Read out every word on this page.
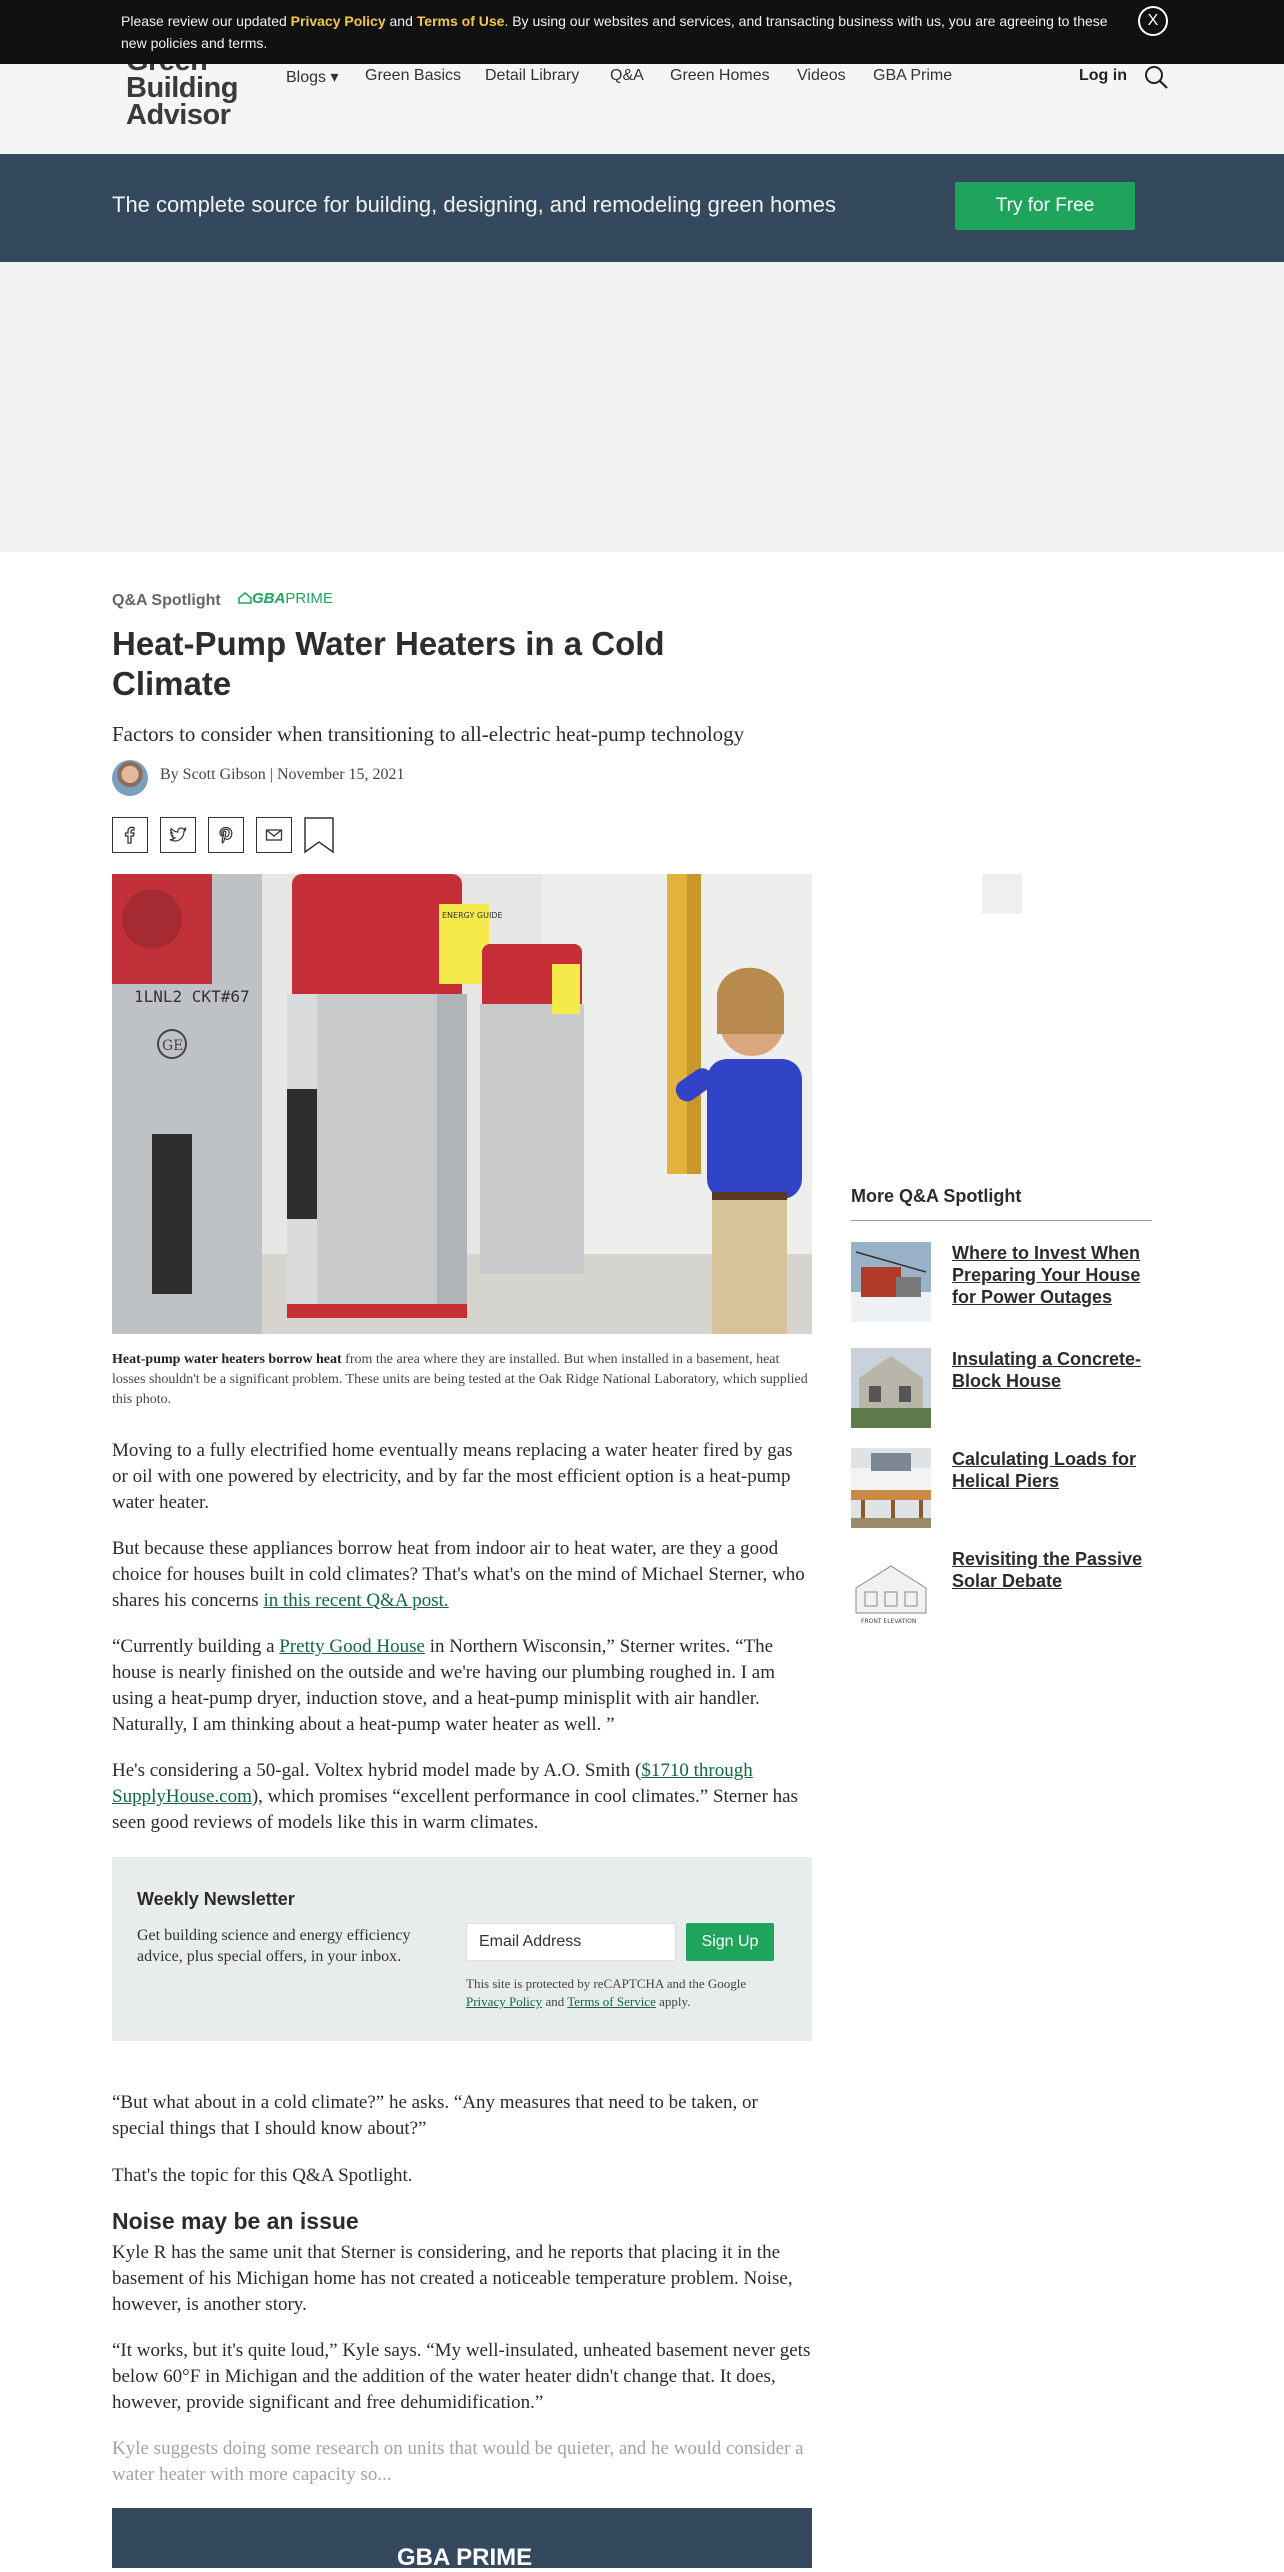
Please review our updated Privacy Policy and Terms of Use. By using our websites and services, and transacting business with us, you are agreeing to these new policies and terms.
X
Building
Advisor
Blogs ▾ Green Basics Detail Library Q&A Green Homes Videos GBA Prime	Log in
The complete source for building, designing, and remodeling green homes	Try for Free
Q&A Spotlight	GBAPRIME
Heat-Pump Water Heaters in a Cold Climate
Factors to consider when transitioning to all-electric heat-pump technology
By Scott Gibson | November 15, 2021
1LNL2 CKT#67
GE
ENERGY GUIDE
Heat-pump water heaters borrow heat from the area where they are installed. But when installed in a basement, heat losses shouldn't be a significant problem. These units are being tested at the Oak Ridge National Laboratory, which supplied this photo.

Moving to a fully electrified home eventually means replacing a water heater fired by gas or oil with one powered by electricity, and by far the most efficient option is a heat-pump water heater.

But because these appliances borrow heat from indoor air to heat water, are they a good choice for houses built in cold climates? That's what's on the mind of Michael Sterner, who shares his concerns in this recent Q&A post.

“Currently building a Pretty Good House in Northern Wisconsin,” Sterner writes. “The house is nearly finished on the outside and we're having our plumbing roughed in. I am using a heat-pump dryer, induction stove, and a heat-pump minisplit with air handler. Naturally, I am thinking about a heat-pump water heater as well. ”

He's considering a 50-gal. Voltex hybrid model made by A.O. Smith ($1710 through SupplyHouse.com), which promises “excellent performance in cool climates.” Sterner has seen good reviews of models like this in warm climates.

Weekly Newsletter
Get building science and energy efficiency advice, plus special offers, in your inbox.
Email Address	Sign Up
This site is protected by reCAPTCHA and the Google Privacy Policy and Terms of Service apply.

“But what about in a cold climate?” he asks. “Any measures that need to be taken, or special things that I should know about?”

That's the topic for this Q&A Spotlight.

Noise may be an issue

Kyle R has the same unit that Sterner is considering, and he reports that placing it in the basement of his Michigan home has not created a noticeable temperature problem. Noise, however, is another story.

“It works, but it's quite loud,” Kyle says. “My well-insulated, unheated basement never gets below 60°F in Michigan and the addition of the water heater didn't change that. It does, however, provide significant and free dehumidification.”

Kyle suggests doing some research on units that would be quieter, and he would consider a water heater with more capacity so...

GBA PRIME
More Q&A Spotlight
Where to Invest When Preparing Your House for Power Outages
Insulating a Concrete-Block House
Calculating Loads for Helical Piers
FRONT ELEVATION
Revisiting the Passive Solar Debate
